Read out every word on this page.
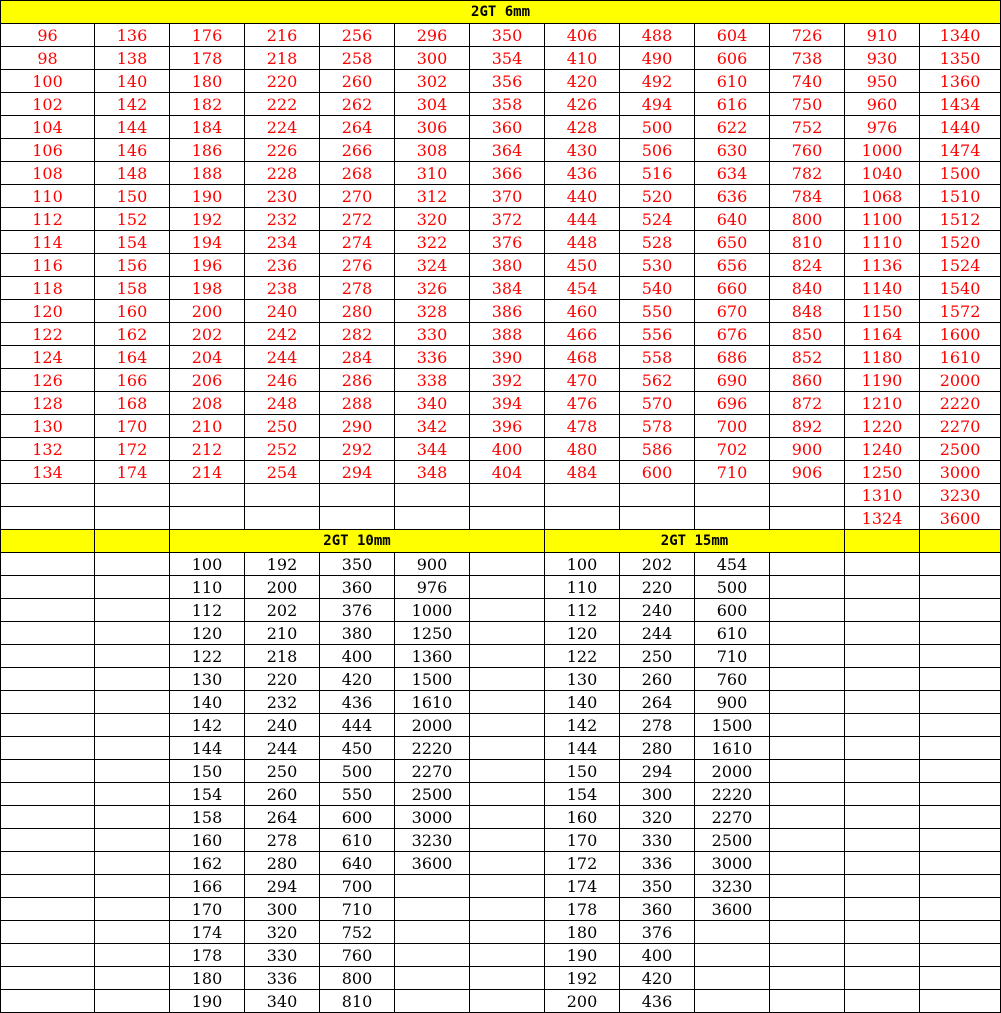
2GT 6mm												
96	136	176	216	256	296	350	406	488	604	726	910	1340
98	138	178	218	258	300	354	410	490	606	738	930	1350
100	140	180	220	260	302	356	420	492	610	740	950	1360
102	142	182	222	262	304	358	426	494	616	750	960	1434
104	144	184	224	264	306	360	428	500	622	752	976	1440
106	146	186	226	266	308	364	430	506	630	760	1000	1474
108	148	188	228	268	310	366	436	516	634	782	1040	1500
110	150	190	230	270	312	370	440	520	636	784	1068	1510
112	152	192	232	272	320	372	444	524	640	800	1100	1512
114	154	194	234	274	322	376	448	528	650	810	1110	1520
116	156	196	236	276	324	380	450	530	656	824	1136	1524
118	158	198	238	278	326	384	454	540	660	840	1140	1540
120	160	200	240	280	328	386	460	550	670	848	1150	1572
122	162	202	242	282	330	388	466	556	676	850	1164	1600
124	164	204	244	284	336	390	468	558	686	852	1180	1610
126	166	206	246	286	338	392	470	562	690	860	1190	2000
128	168	208	248	288	340	394	476	570	696	872	1210	2220
130	170	210	250	290	342	396	478	578	700	892	1220	2270
132	172	212	252	292	344	400	480	586	702	900	1240	2500
134	174	214	254	294	348	404	484	600	710	906	1250	3000
											1310	3230
											1324	3600
		2GT 10mm					2GT 15mm					
		100	192	350	900		100	202	454			
		110	200	360	976		110	220	500			
		112	202	376	1000		112	240	600			
		120	210	380	1250		120	244	610			
		122	218	400	1360		122	250	710			
		130	220	420	1500		130	260	760			
		140	232	436	1610		140	264	900			
		142	240	444	2000		142	278	1500			
		144	244	450	2220		144	280	1610			
		150	250	500	2270		150	294	2000			
		154	260	550	2500		154	300	2220			
		158	264	600	3000		160	320	2270			
		160	278	610	3230		170	330	2500			
		162	280	640	3600		172	336	3000			
		166	294	700			174	350	3230			
		170	300	710			178	360	3600			
		174	320	752			180	376				
		178	330	760			190	400				
		180	336	800			192	420				
		190	340	810			200	436				
